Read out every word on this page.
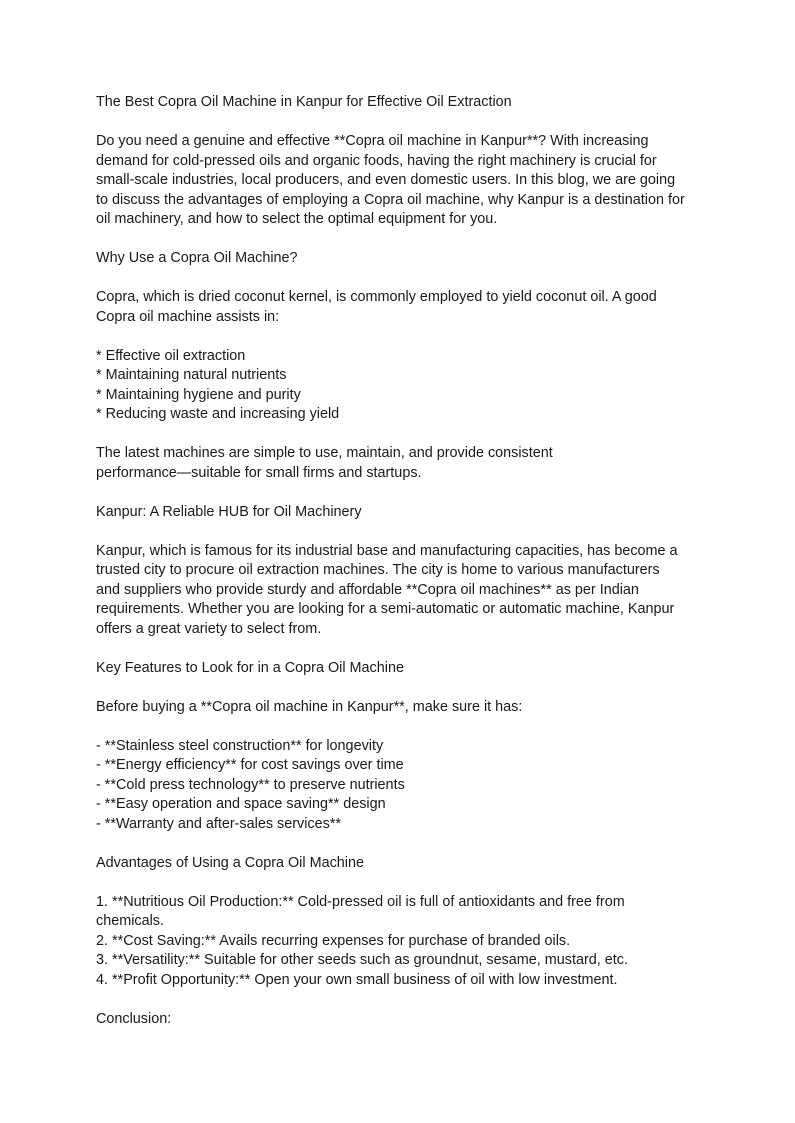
The Best Copra Oil Machine in Kanpur for Effective Oil Extraction

Do you need a genuine and effective **Copra oil machine in Kanpur**? With increasing
demand for cold-pressed oils and organic foods, having the right machinery is crucial for
small-scale industries, local producers, and even domestic users. In this blog, we are going
to discuss the advantages of employing a Copra oil machine, why Kanpur is a destination for
oil machinery, and how to select the optimal equipment for you.

Why Use a Copra Oil Machine?

Copra, which is dried coconut kernel, is commonly employed to yield coconut oil. A good
Copra oil machine assists in:

* Effective oil extraction
* Maintaining natural nutrients
* Maintaining hygiene and purity
* Reducing waste and increasing yield

The latest machines are simple to use, maintain, and provide consistent
performance—suitable for small firms and startups.

Kanpur: A Reliable HUB for Oil Machinery

Kanpur, which is famous for its industrial base and manufacturing capacities, has become a
trusted city to procure oil extraction machines. The city is home to various manufacturers
and suppliers who provide sturdy and affordable **Copra oil machines** as per Indian
requirements. Whether you are looking for a semi-automatic or automatic machine, Kanpur
offers a great variety to select from.

Key Features to Look for in a Copra Oil Machine

Before buying a **Copra oil machine in Kanpur**, make sure it has:

- **Stainless steel construction** for longevity
- **Energy efficiency** for cost savings over time
- **Cold press technology** to preserve nutrients
- **Easy operation and space saving** design
- **Warranty and after-sales services**

Advantages of Using a Copra Oil Machine

1. **Nutritious Oil Production:** Cold-pressed oil is full of antioxidants and free from
chemicals.
2. **Cost Saving:** Avails recurring expenses for purchase of branded oils.
3. **Versatility:** Suitable for other seeds such as groundnut, sesame, mustard, etc.
4. **Profit Opportunity:** Open your own small business of oil with low investment.

Conclusion:
